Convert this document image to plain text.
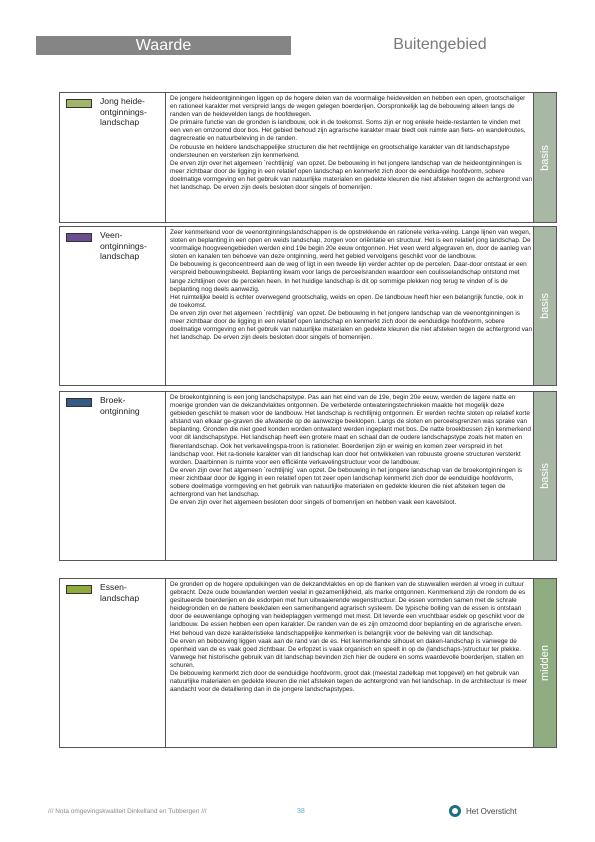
Waarde	Buitengebied
Jong heide-ontginnings-landschap

De jongere heideontginningen liggen op de hogere delen van de voormalige heidevelden en hebben een open, grootschaliger en rationeel karakter met verspreid langs de wegen gelegen boerderijen. Oorspronkelijk lag de bebouwing alleen langs de randen van de heidevelden langs de hoofdwegen.

De primaire functie van de gronden is landbouw, ook in de toekomst. Soms zijn er nog enkele heide-restanten te vinden met een ven en omzoomd door bos. Het gebied behoud zijn agrarische karakter maar biedt ook ruimte aan fiets- en wandelroutes, dagrecreatie en natuurbeleving in de randen.

De robuuste en heldere landschappelijke structuren die het rechtlijnige en grootschalige karakter van dit landschapstype ondersteunen en versterken zijn kenmerkend.

De erven zijn over het algemeen ´rechtlijnig´ van opzet. De bebouwing in het jongere landschap van de heideontginningen is meer zichtbaar door de ligging in een relatief open landschap en kenmerkt zich door de eenduidige hoofdvorm, sobere doelmatige vormgeving en het gebruik van natuurlijke materialen en gedekte kleuren die niet afsteken tegen de achtergrond van het landschap. De erven zijn deels besloten door singels of bomenrijen.

basis
Veen-ontginnings-landschap

Zeer kenmerkend voor de veenontginningslandschappen is de opstrekkende en rationele verka-veling. Lange lijnen van wegen, sloten en beplanting in een open en weids landschap, zorgen voor oriëntatie en structuur. Het is een relatief jong landschap. De voormalige hoogveengebieden werden eind 19e begin 20e eeuw ontgonnen. Het veen werd afgegraven en, door de aanleg van sloten en kanalen ten behoeve van deze ontginning, werd het gebied vervolgens geschikt voor de landbouw.

De bebouwing is geconcentreerd aan de weg of ligt in een tweede lijn verder achter op de percelen. Daar-door ontstaat er een verspreid bebouwingsbeeld. Beplanting kwam voor langs de perceelsranden waardoor een coulisselandschap ontstond met lange zichtlijnen over de percelen heen. In het huidige landschap is dit op sommige plekken nog terug te vinden of is de beplanting nog deels aanwezig.

Het ruimtelijke beeld is echter overwegend grootschalig, weids en open. De landbouw heeft hier een belangrijk functie, ook in de toekomst.

De erven zijn over het algemeen ´rechtlijnig´ van opzet. De bebouwing in het jongere landschap van de veenontginningen is meer zichtbaar door de ligging in een relatief open landschap en kenmerkt zich door de eenduidige hoofdvorm, sobere doelmatige vormgeving en het gebruik van natuurlijke materialen en gedekte kleuren die niet afsteken tegen de achtergrond van het landschap. De erven zijn deels besloten door singels of bomenrijen.

basis
Broek-ontginning

De broekontginning is een jong landschapstype. Pas aan het eind van de 19e, begin 20e eeuw, werden de lagere natte en moerige gronden van de dekzandvlaktes ontgonnen. De verbeterde ontwateringstechnieken maakte het mogelijk deze gebieden geschikt te maken voor de landbouw. Het landschap is rechtlijnig ontgonnen. Er werden rechte sloten op relatief korte afstand van elkaar ge-graven die afwaterde op de aanwezige beeklopen. Langs de sloten en perceelsgrenzen was sprake van beplanting. Gronden die niet goed konden worden ontwaterd werden ingeplant met bos. De natte broekbossen zijn kenmerkend voor dit landschapstype. Het landschap heeft een grotere maat en schaal dan de oudere landschapstype zoals het maten en flierenlandschap. Ook het verkavelingspa-troon is rationeler. Boerderijen zijn er weinig en komen zeer verspreid in het landschap voor. Het ra-tionele karakter van dit landschap kan door het ontwikkelen van robuuste groene structuren versterkt worden. Daarbinnen is ruimte voor een efficiënte verkavelingstructuur voor de landbouw.

De erven zijn over het algemeen ´rechtlijnig´ van opzet. De bebouwing in het jongere landschap van de broekontginningen is meer zichtbaar door de ligging in een relatief open tot zeer open landschap kenmerkt zich door de eenduidige hoofdvorm, sobere doelmatige vormgeving en het gebruik van natuurlijke materialen en gedekte kleuren die niet afsteken tegen de achtergrond van het landschap.

De erven zijn over het algemeen besloten door singels of bomenrijen en hebben vaak een kavelsloot.

basis
Essen-landschap

De gronden op de hogere opduikingen van de dekzandvlaktes en op de flanken van de stuwwallen werden al vroeg in cultuur gebracht. Deze oude bouwlanden werden veelal in gezamenlijkheid, als marke ontgonnen. Kenmerkend zijn de rondom de es gesitueerde boerderijen en de esdorpen met hun uitwaaierende wegenstructuur. De essen vormden samen met de schrale heidegronden en de nattere beekdalen een samenhangend agrarisch systeem. De typische bolling van de essen is ontstaan door de eeuwenlange ophoging van heideplaggen vermengd met mest. Dit leverde een vruchtbaar esdek op geschikt voor de landbouw. De essen hebben een open karakter. De randen van de es zijn omzoomd door beplanting en de agrarische erven. Het behoud van deze karakteristieke landschappelijke kenmerken is belangrijk voor de beleving van dit landschap.

De erven en bebouwing liggen vaak aan de rand van de es. Het kenmerkende silhouet en daken-landschap is vanwege de openheid van de es vaak goed zichtbaar. De erfopzet is vaak organisch en speelt in op de (landschaps-)structuur ter plekke. Vanwege het historische gebruik van dit landschap bevinden zich hier de oudere en soms waardevolle boerderijen, stallen en schuren.

De bebouwing kenmerkt zich door de eenduidige hoofdvorm, groot dak (meestal zadelkap met topgevel) en het gebruik van natuurlijke materialen en gedekte kleuren die niet afsteken tegen de achtergrond van het landschap. In de architectuur is meer aandacht voor de detaillering dan in de jongere landschapstypes.

midden
/// Nota omgevingskwaliteit Dinkelland en Tubbergen ///	38	Het Oversticht
